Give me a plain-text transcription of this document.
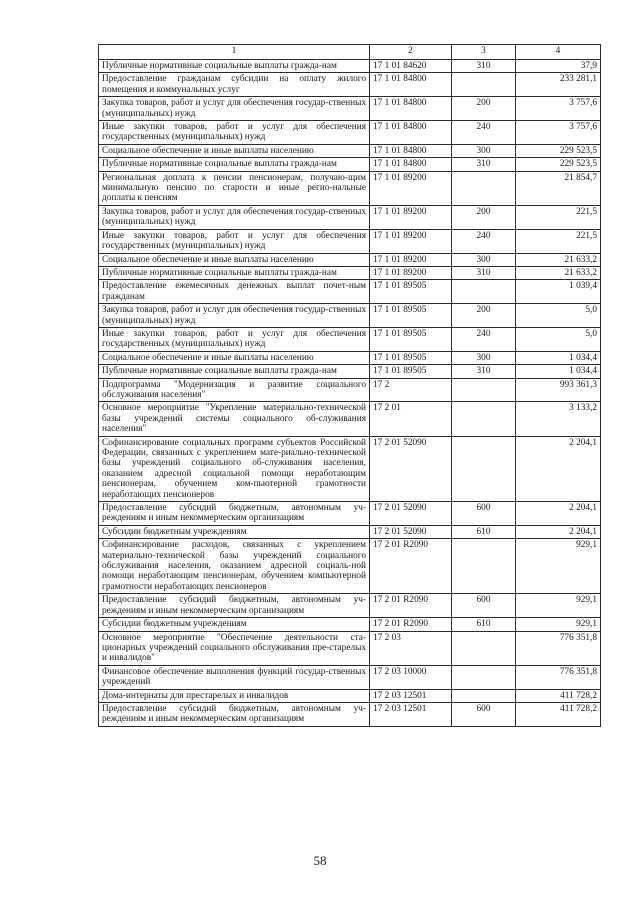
1	2	3	4
Публичные нормативные социальные выплаты граждa-нам	17 1 01 84620	310	37,9
Предоставление гражданам субсидии на оплату жилого помещения и коммунальных услуг	17 1 01 84800		233 281,1
Закупка товаров, работ и услуг для обеспечения государ-ственных (муниципальных) нужд	17 1 01 84800	200	3 757,6
Иные закупки товаров, работ и услуг для обеспечения государственных (муниципальных) нужд	17 1 01 84800	240	3 757,6
Социальное обеспечение и иные выплаты населению	17 1 01 84800	300	229 523,5
Публичные нормативные социальные выплаты граждa-нам	17 1 01 84800	310	229 523,5
Региональная доплата к пенсии пенсионерам, получаю-щим минимальную пенсию по старости и иные регио-нальные доплаты к пенсиям	17 1 01 89200		21 854,7
Закупка товаров, работ и услуг для обеспечения государ-ственных (муниципальных) нужд	17 1 01 89200	200	221,5
Иные закупки товаров, работ и услуг для обеспечения государственных (муниципальных) нужд	17 1 01 89200	240	221,5
Социальное обеспечение и иные выплаты населению	17 1 01 89200	300	21 633,2
Публичные нормативные социальные выплаты граждa-нам	17 1 01 89200	310	21 633,2
Предоставление ежемесячных денежных выплат почет-ным гражданам	17 1 01 89505		1 039,4
Закупка товаров, работ и услуг для обеспечения государ-ственных (муниципальных) нужд	17 1 01 89505	200	5,0
Иные закупки товаров, работ и услуг для обеспечения государственных (муниципальных) нужд	17 1 01 89505	240	5,0
Социальное обеспечение и иные выплаты населению	17 1 01 89505	300	1 034,4
Публичные нормативные социальные выплаты граждa-нам	17 1 01 89505	310	1 034,4
Подпрограмма "Модернизация и развитие социального обслуживания населения"	17 2		993 361,3
Основное мероприятие "Укрепление материально-технической базы учреждений системы социального об-служивания населения"	17 2 01		3 133,2
Софинансирование социальных программ субъектов Российской Федерации, связанных с укреплением мате-риально-технической базы учреждений социального об-служивания населения, оказанием адресной социальной помощи неработающим пенсионерам, обучением ком-пьютерной грамотности неработающих пенсионеров	17 2 01 52090		2 204,1
Предоставление субсидий бюджетным, автономным уч-реждениям и иным некоммерческим организациям	17 2 01 52090	600	2 204,1
Субсидии бюджетным учреждениям	17 2 01 52090	610	2 204,1
Софинансирование расходов, связанных с укреплением материально-технической базы учреждений социального обслуживания населения, оказанием адресной социаль-ной помощи неработающим пенсионерам, обучением компьютерной грамотности неработающих пенсионеров	17 2 01 R2090		929,1
Предоставление субсидий бюджетным, автономным уч-реждениям и иным некоммерческим организациям	17 2 01 R2090	600	929,1
Субсидии бюджетным учреждениям	17 2 01 R2090	610	929,1
Основное мероприятие "Обеспечение деятельности ста-ционарных учреждений социального обслуживания пре-старелых и инвалидов"	17 2 03		776 351,8
Финансовое обеспечение выполнения функций государ-ственных учреждений	17 2 03 10000		776 351,8
Дома-интернаты для престарелых и инвалидов	17 2 03 12501		411 728,2
Предоставление субсидий бюджетным, автономным уч-реждениям и иным некоммерческим организациям	17 2 03 12501	600	411 728,2
58
